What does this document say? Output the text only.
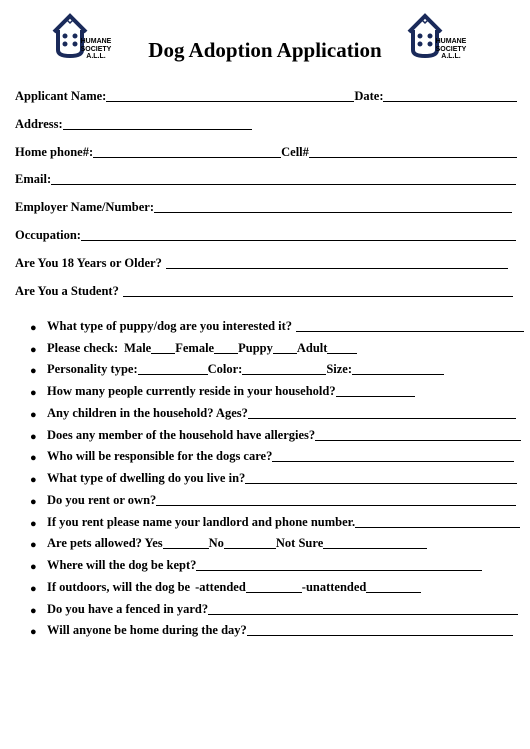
HUMANE
SOCIETY
A.L.L.
HUMANE
SOCIETY
A.L.L.
Dog Adoption Application
Applicant Name:	Date:
Address:
Home phone#:	Cell#
Email:
Employer Name/Number:
Occupation:
Are You 18 Years or Older?
Are You a Student?
● What type of puppy/dog are you interested it?
● Please check: Male Female Puppy Adult
● Personality type:	Color:	Size:
● How many people currently reside in your household?
● Any children in the household? Ages?
● Does any member of the household have allergies?
● Who will be responsible for the dogs care?
● What type of dwelling do you live in?
● Do you rent or own?
● If you rent please name your landlord and phone number.
● Are pets allowed? Yes	No	Not Sure
● Where will the dog be kept?
● If outdoors, will the dog be -attended	-unattended
● Do you have a fenced in yard?
● Will anyone be home during the day?
